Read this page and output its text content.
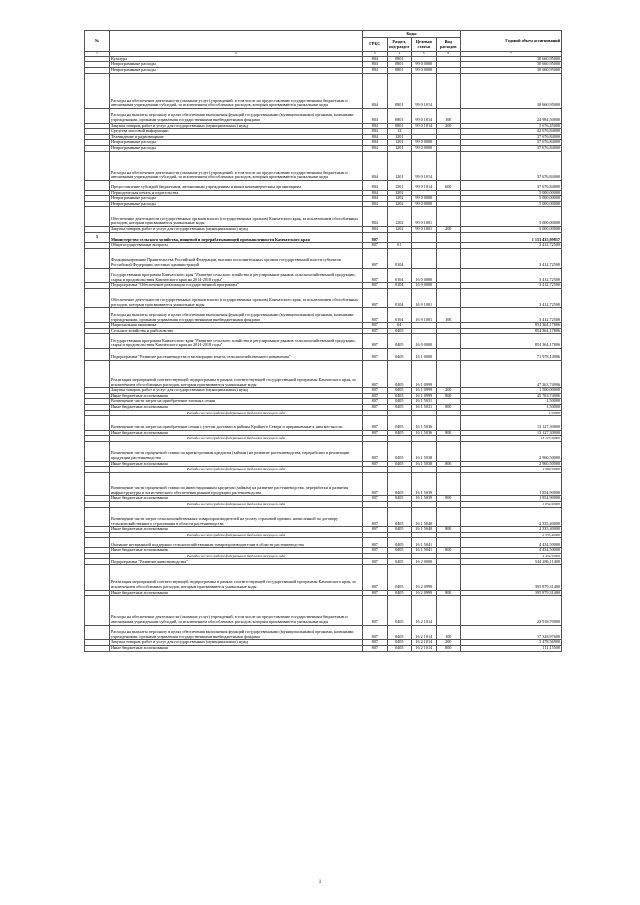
№		Коды				Годовой объем ассигнований
		ГРБС	Раздел, под-раздел	Целевая статья	Вид расходов	
1	2	3	4	5	6	7
	Культура	804	0801			30 660,95000
	Непрограммные расходы	804	0801	99 0 0000		30 660,95000
	Непрограммные расходы	804	0801	99 0 0000		30 660,95000
	Расходы на обеспечение деятельности (оказание услуг) учреждений, в том числе на предоставление государственным бюджетным и автономным учреждениям субсидий, за исключением обособленных расходов, которым присваиваются уникальные коды	804	0801	99 0 1014		30 660,95000
	Расходы на выплаты персоналу в целях обеспечения выполнения функций государственными (муниципальными) органами, казенными учреждениями, органами управления государственными внебюджетными фондами	804	0801	99 0 1014	100	24 984,50000
	Закупка товаров, работ и услуг для государственных (муниципальных) нужд	804	0801	99 0 1014	200	5 676,45000
	Средства массовой информации	804	12			42 676,84000
	Телевидение и радиовещание	804	1201			37 676,84000
	Непрограммные расходы	804	1201	99 0 0000		37 676,84000
	Непрограммные расходы	804	1201	99 0 0000		37 676,84000
	Расходы на обеспечение деятельности (оказание услуг) учреждений, в том числе на предоставление государственным бюджетным и автономным учреждениям субсидий, за исключением обособленных расходов, которым присваиваются уникальные коды	804	1201	99 0 1014		37 676,84000
	Предоставление субсидий бюджетным, автономным учреждениям и иным некоммерческим организациям	804	1201	99 0 1014	600	37 676,84000
	Периодическая печать и издательства	804	1202			5 000,00000
	Непрограммные расходы	804	1202	99 0 0000		5 000,00000
	Непрограммные расходы	804	1202	99 0 0000		5 000,00000
	Обеспечение деятельности государственных органов власти (государственных органов) Камчатского края, за исключением обособленных расходов, которым присваиваются уникальные коды	804	1202	99 0 1001		5 000,00000
	Закупка товаров, работ и услуг для государственных (муниципальных) нужд	804	1202	99 0 1001	200	5 000,00000
5	Министерство сельского хозяйства, пищевой и перерабатывающей промышленности Камчатского края	807				1 153 435,99817
	Общегосударственные вопросы	807	01			3 412,72500
	Функционирование Правительства Российской Федерации, высших исполнительных органов государственной власти субъектов Российской Федерации, местных администраций	807	0104			3 412,72500
	Государственная программа Камчатского края "Развитие сельского хозяйства и регулирование рынков сельскохозяйственной продукции, сырья и продовольствия Камчатского края на 2014-2018 годы"	807	0104	16 0 0000		3 412,72500
	Подпрограмма "Обеспечение реализации государственной программы"	807	0104	16 9 0000		3 412,72500
	Обеспечение деятельности государственных органов власти (государственных органов) Камчатского края, за исключением обособленных расходов, которым присваиваются уникальные коды	807	0104	16 9 1001		3 412,72500
	Расходы на выплаты персоналу в целях обеспечения выполнения функций государственными (муниципальными) органами, казенными учреждениями, органами управления государственными внебюджетными фондами	807	0104	16 9 1001	100	3 412,72500
	Национальная экономика	807	04			854 364,17806
	Сельское хозяйство и рыболовство	807	0405			854 364,17806
	Государственная программа Камчатского края "Развитие сельского хозяйства и регулирование рынков сельскохозяйственной продукции, сырья и продовольствия Камчатского края на 2014-2018 годы"	807	0405	16 0 0000		854 364,17806
	Подпрограмма "Развитие растениеводства и мелиорации земель сельскохозяйственного назначения"	807	0405	16 1 0000		71 978,14906
	Реализация мероприятий соответствующей подпрограммы в рамках соответствующей государственной программы Камчатского края, за исключением обособленных расходов, которым присваиваются уникальные коды	807	0405	16 1 0999		47 263,74906
	Закупка товаров, работ и услуг для государственных (муниципальных) нужд	807	0405	16 1 0999	200	1 500,00000
	Иные бюджетные ассигнования	807	0405	16 1 0999	800	45 763,74906
	Возмещение части затрат на приобретение элитных семян	807	0405	16 1 5031		1,50000
	Иные бюджетные ассигнования	807	0405	16 1 5031	800	1,50000
	Расходы за счет средств федерального бюджета текущего года					1,50000
	Возмещение части затрат на приобретение семян с учетом доставки в районы Крайнего Севера и приравненные к ним местности	807	0405	16 1 5036		13 127,30000
	Иные бюджетные ассигнования	807	0405	16 1 5036	800	13 127,30000
	Расходы за счет средств федерального бюджета текущего года					13 127,30000
	Возмещение части процентной ставки по краткосрочным кредитам (займам) на развитие растениеводства, переработки и реализации продукции растениеводства	807	0405	16 1 5038		2 960,50000
	Иные бюджетные ассигнования	807	0405	16 1 5038	800	2 960,50000
	Расходы за счет средств федерального бюджета текущего года					2 960,50000
	Возмещение части процентной ставки по инвестиционным кредитам (займам) на развитие растениеводства, переработки и развития инфраструктуры и логистического обеспечения рынков продукции растениеводства	807	0405	16 1 5039		1 854,90000
	Иные бюджетные ассигнования	807	0405	16 1 5039	800	1 854,90000
	Расходы за счет средств федерального бюджета текущего года					1 854,90000
	Возмещение части затрат сельскохозяйственных товаропроизводителей на уплату страховой премии, начисленной по договору сельскохозяйственного страхования в области растениеводства	807	0405	16 1 5040		2 335,40000
	Иные бюджетные ассигнования	807	0405	16 1 5040	800	2 335,40000
	Расходы за счет средств федерального бюджета текущего года					2 335,40000
	Оказание несвязанной поддержки сельскохозяйственным товаропроизводителям в области растениеводства	807	0405	16 1 5041		4 434,50000
	Иные бюджетные ассигнования	807	0405	16 1 5041	800	4 434,50000
	Расходы за счет средств федерального бюджета текущего года					4 434,50000
	Подпрограмма "Развитие животноводства"	807	0405	16 2 0000		544 286,11400
	Реализация мероприятий соответствующей подпрограммы в рамках соответствующей государственной программы Камчатского края, за исключением обособленных расходов, которым присваиваются уникальные коды	807	0405	16 2 0999		395 879,31400
	Иные бюджетные ассигнования	807	0405	16 2 0999	800	395 879,31400
	Расходы на обеспечение деятельности (оказание услуг) учреждений, в том числе на предоставление государственным бюджетным и автономным учреждениям субсидий, за исключением обособленных расходов, которым присваиваются уникальные коды	807	0405	16 2 1014		22 918,70000
	Расходы на выплаты персоналу в целях обеспечения выполнения функций государственными (муниципальными) органами, казенными учреждениями, органами управления государственными внебюджетными фондами	807	0405	16 2 1014	100	17 328,97600
	Закупка товаров, работ и услуг для государственных (муниципальных) нужд	807	0405	16 2 1014	200	5 478,56900
	Иные бюджетные ассигнования	807	0405	16 2 1014	800	111,15500
1
